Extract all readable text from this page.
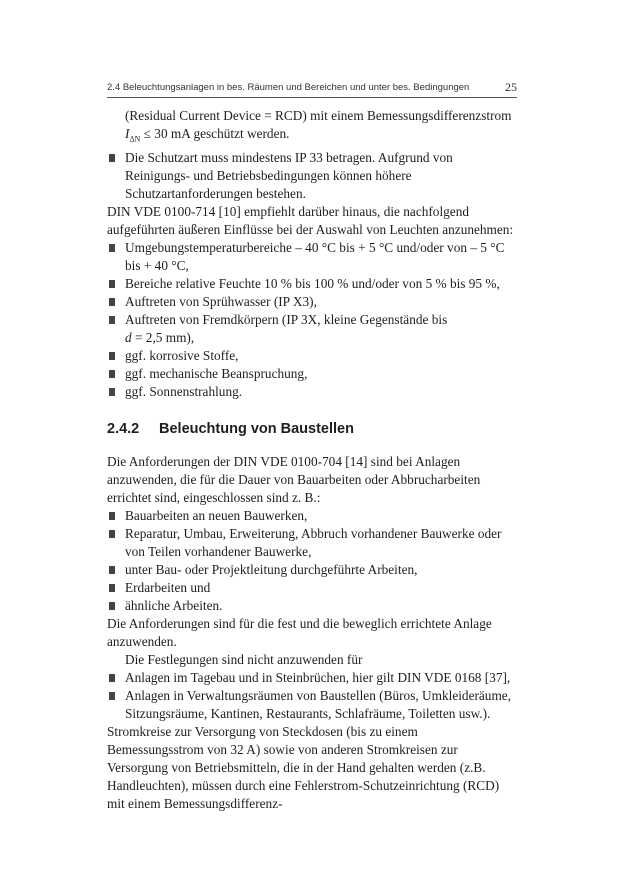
2.4 Beleuchtungsanlagen in bes. Räumen und Bereichen und unter bes. Bedingungen	25

(Residual Current Device = RCD) mit einem Bemessungsdifferenzstrom
$I_{\Delta N} \le 30$ mA geschützt werden.

Die Schutzart muss mindestens IP 33 betragen. Aufgrund von Reinigungs- und Betriebsbedingungen können höhere Schutzartanforderungen bestehen.

DIN VDE 0100-714 [10] empfiehlt darüber hinaus, die nachfolgend aufgeführten äußeren Einflüsse bei der Auswahl von Leuchten anzunehmen:

Umgebungstemperaturbereiche – 40 °C bis + 5 °C und/oder von – 5 °C bis + 40 °C,
Bereiche relative Feuchte 10 % bis 100 % und/oder von 5 % bis 95 %,
Auftreten von Sprühwasser (IP X3),
Auftreten von Fremdkörpern (IP 3X, kleine Gegenstände bis
d = 2,5 mm),
ggf. korrosive Stoffe,
ggf. mechanische Beanspruchung,
ggf. Sonnenstrahlung.
2.4.2 Beleuchtung von Baustellen

Die Anforderungen der DIN VDE 0100-704 [14] sind bei Anlagen anzuwenden, die für die Dauer von Bauarbeiten oder Abbrucharbeiten errichtet sind, eingeschlossen sind z. B.:

Bauarbeiten an neuen Bauwerken,
Reparatur, Umbau, Erweiterung, Abbruch vorhandener Bauwerke oder von Teilen vorhandener Bauwerke,
unter Bau- oder Projektleitung durchgeführte Arbeiten,
Erdarbeiten und
ähnliche Arbeiten.

Die Anforderungen sind für die fest und die beweglich errichtete Anlage anzuwenden.

Die Festlegungen sind nicht anzuwenden für

Anlagen im Tagebau und in Steinbrüchen, hier gilt DIN VDE 0168 [37],
Anlagen in Verwaltungsräumen von Baustellen (Büros, Umkleideräume, Sitzungsräume, Kantinen, Restaurants, Schlafräume, Toiletten usw.).

Stromkreise zur Versorgung von Steckdosen (bis zu einem Bemessungsstrom von 32 A) sowie von anderen Stromkreisen zur Versorgung von Betriebsmitteln, die in der Hand gehalten werden (z.B. Handleuchten), müssen durch eine Fehlerstrom-Schutzeinrichtung (RCD) mit einem Bemessungsdifferenz-
